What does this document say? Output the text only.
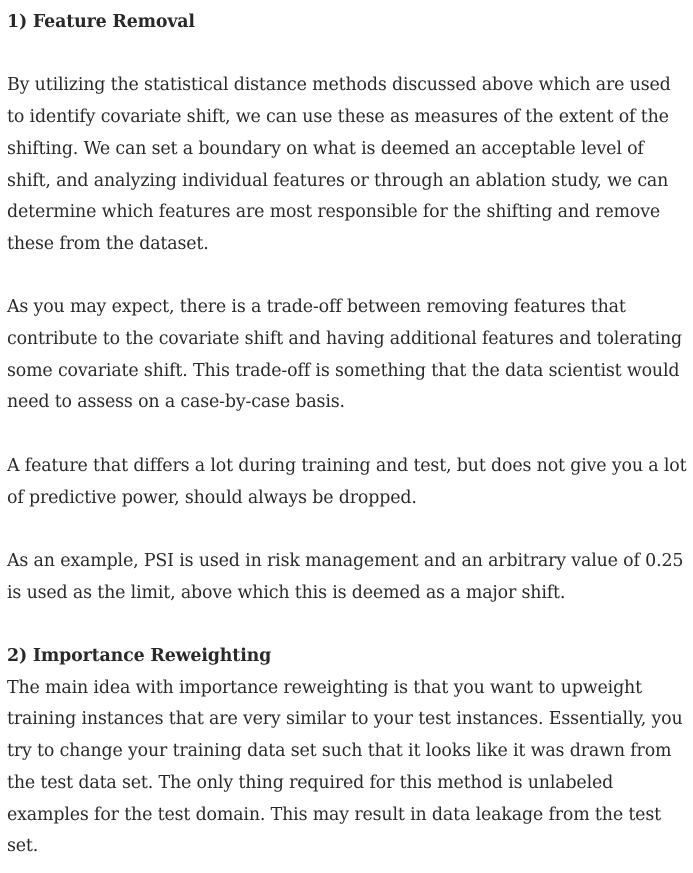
1) Feature Removal

By utilizing the statistical distance methods discussed above which are used to identify covariate shift, we can use these as measures of the extent of the shifting. We can set a boundary on what is deemed an acceptable level of shift, and analyzing individual features or through an ablation study, we can determine which features are most responsible for the shifting and remove these from the dataset.

As you may expect, there is a trade-off between removing features that contribute to the covariate shift and having additional features and tolerating some covariate shift. This trade-off is something that the data scientist would need to assess on a case-by-case basis.

A feature that differs a lot during training and test, but does not give you a lot of predictive power, should always be dropped.

As an example, PSI is used in risk management and an arbitrary value of 0.25 is used as the limit, above which this is deemed as a major shift.

2) Importance Reweighting

The main idea with importance reweighting is that you want to upweight training instances that are very similar to your test instances. Essentially, you try to change your training data set such that it looks like it was drawn from the test data set. The only thing required for this method is unlabeled examples for the test domain. This may result in data leakage from the test set.
